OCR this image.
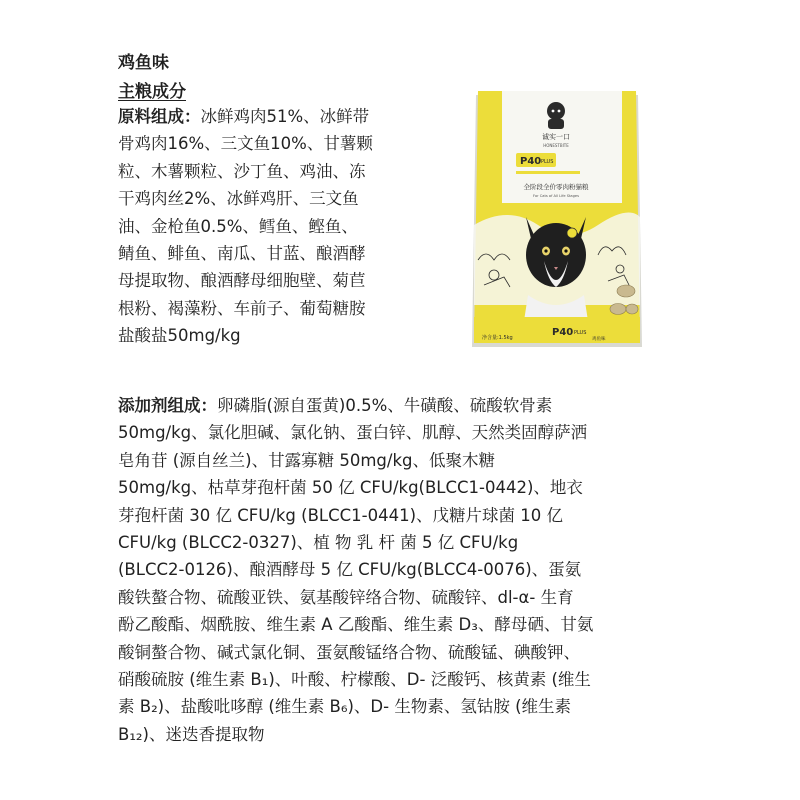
鸡鱼味
主粮成分
原料组成：冰鲜鸡肉51%、冰鲜带
骨鸡肉16%、三文鱼10%、甘薯颗
粒、木薯颗粒、沙丁鱼、鸡油、冻
干鸡肉丝2%、冰鲜鸡肝、三文鱼
油、金枪鱼0.5%、鳕鱼、鲣鱼、
鲭鱼、鲱鱼、南瓜、甘蓝、酿酒酵
母提取物、酿酒酵母细胞壁、菊苣
根粉、褐藻粉、车前子、葡萄糖胺
盐酸盐50mg/kg
添加剂组成：卵磷脂(源自蛋黄)0.5%、牛磺酸、硫酸软骨素
50mg/kg、氯化胆碱、氯化钠、蛋白锌、肌醇、天然类固醇萨洒
皂角苷 (源自丝兰)、甘露寡糖 50mg/kg、低聚木糖
50mg/kg、枯草芽孢杆菌 50 亿 CFU/kg(BLCC1-0442)、地衣
芽孢杆菌 30 亿 CFU/kg (BLCC1-0441)、戊糖片球菌 10 亿
CFU/kg (BLCC2-0327)、植 物 乳 杆 菌 5 亿 CFU/kg
(BLCC2-0126)、酿酒酵母 5 亿 CFU/kg(BLCC4-0076)、蛋氨
酸铁螯合物、硫酸亚铁、氨基酸锌络合物、硫酸锌、dl-α- 生育
酚乙酸酯、烟酰胺、维生素 A 乙酸酯、维生素 D₃、酵母硒、甘氨
酸铜螯合物、碱式氯化铜、蛋氨酸锰络合物、硫酸锰、碘酸钾、
硝酸硫胺 (维生素 B₁)、叶酸、柠檬酸、D- 泛酸钙、核黄素 (维生
素 B₂)、盐酸吡哆醇 (维生素 B₆)、D- 生物素、氢钴胺 (维生素
B₁₂)、迷迭香提取物
诚实一口
HONESTBITE
P40 PLUS
全阶段全价零肉粉猫粮
For Cats of All Life Stages
净含量:1.5kg	P40 PLUS
鸡鱼味
